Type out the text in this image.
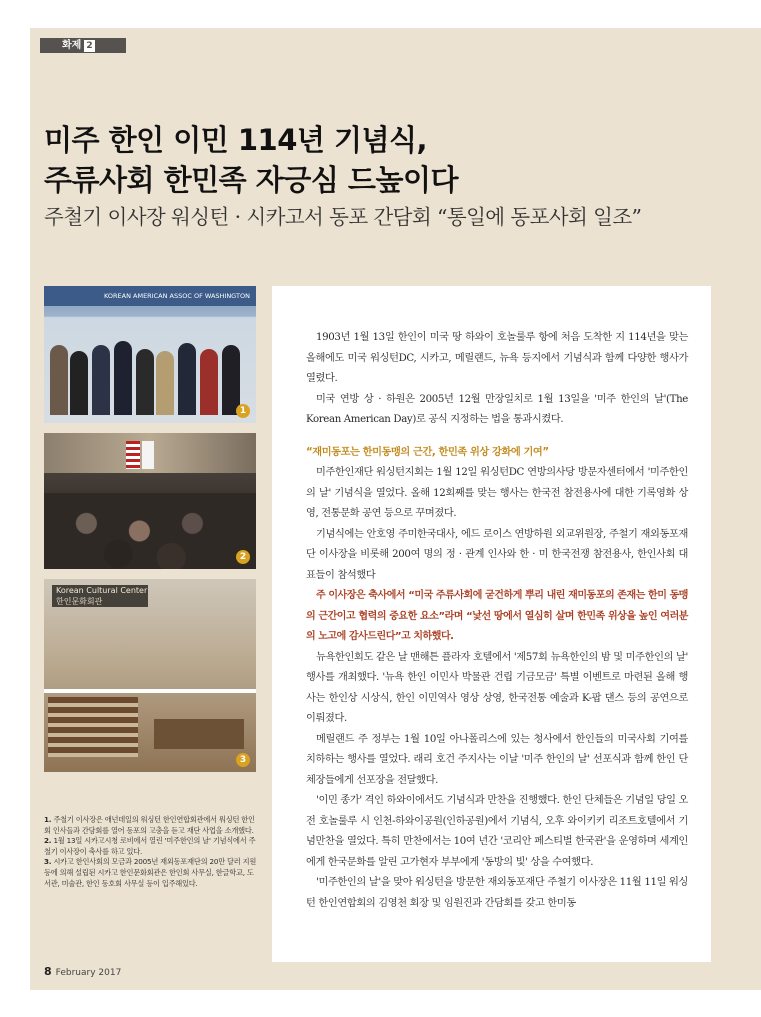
화제 2
미주 한인 이민 114년 기념식,
주류사회 한민족 자긍심 드높이다
주철기 이사장 워싱턴 · 시카고서 동포 간담회 “통일에 동포사회 일조”
KOREAN AMERICAN ASSOC OF WASHINGTON
1
2
Korean Cultural Center
한인문화회관
3

1. 주철기 이사장은 애넌데일의 워싱턴 한인연합회관에서 워싱턴 한인회 인사들과 간담회를 열어 동포의 고충을 듣고 재단 사업을 소개했다.

2. 1월 13일 시카고시청 로비에서 열린 '미주한인의 날' 기념식에서 주철기 이사장이 축사를 하고 있다.

3. 시카고 한인사회의 모금과 2005년 재외동포재단의 20만 달러 지원 등에 의해 설립된 시카고 한인문화회관은 한인회 사무실, 한글학교, 도서관, 미술관, 한인 동호회 사무실 등이 입주해있다.

1903년 1월 13일 한인이 미국 땅 하와이 호놀룰루 항에 처음 도착한 지 114년을 맞는 올해에도 미국 워싱턴DC, 시카고, 메릴랜드, 뉴욕 등지에서 기념식과 함께 다양한 행사가 열렸다.

미국 연방 상 · 하원은 2005년 12월 만장일치로 1월 13일을 '미주 한인의 날'(The Korean American Day)로 공식 지정하는 법을 통과시켰다.

“재미동포는 한미동맹의 근간, 한민족 위상 강화에 기여”

미주한인재단 워싱턴지회는 1월 12일 워싱턴DC 연방의사당 방문자센터에서 '미주한인의 날' 기념식을 열었다. 올해 12회째를 맞는 행사는 한국전 참전용사에 대한 기록영화 상영, 전통문화 공연 등으로 꾸며졌다.

기념식에는 안호영 주미한국대사, 에드 로이스 연방하원 외교위원장, 주철기 재외동포재단 이사장을 비롯해 200여 명의 정 · 관계 인사와 한 · 미 한국전쟁 참전용사, 한인사회 대표들이 참석했다

주 이사장은 축사에서 “미국 주류사회에 굳건하게 뿌리 내린 재미동포의 존재는 한미 동맹의 근간이고 협력의 중요한 요소”라며 “낯선 땅에서 열심히 살며 한민족 위상을 높인 여러분의 노고에 감사드린다”고 치하했다.

뉴욕한인회도 같은 날 맨해튼 플라자 호텔에서 '제57회 뉴욕한인의 밤 및 미주한인의 날' 행사를 개최했다. '뉴욕 한인 이민사 박물관 건립 기금모금' 특별 이벤트로 마련된 올해 행사는 한인상 시상식, 한인 이민역사 영상 상영, 한국전통 예술과 K-팝 댄스 등의 공연으로 이뤄졌다.

메릴랜드 주 정부는 1월 10일 아나폴리스에 있는 청사에서 한인들의 미국사회 기여를 치하하는 행사를 열었다. 래리 호건 주지사는 이날 '미주 한인의 날' 선포식과 함께 한인 단체장들에게 선포장을 전달했다.

'이민 종가' 격인 하와이에서도 기념식과 만찬을 진행했다. 한인 단체들은 기념일 당일 오전 호놀룰루 시 인천-하와이공원(인하공원)에서 기념식, 오후 와이키키 리조트호텔에서 기념만찬을 열었다. 특히 만찬에서는 10여 년간 '코리안 페스티벌 한국관'을 운영하며 세계인에게 한국문화를 알린 고가현자 부부에게 '동방의 빛' 상을 수여했다.

'미주한인의 날'을 맞아 워싱턴을 방문한 재외동포재단 주철기 이사장은 11월 11일 워싱턴 한인연합회의 김영천 회장 및 임원진과 간담회를 갖고 한미동

8 February 2017
